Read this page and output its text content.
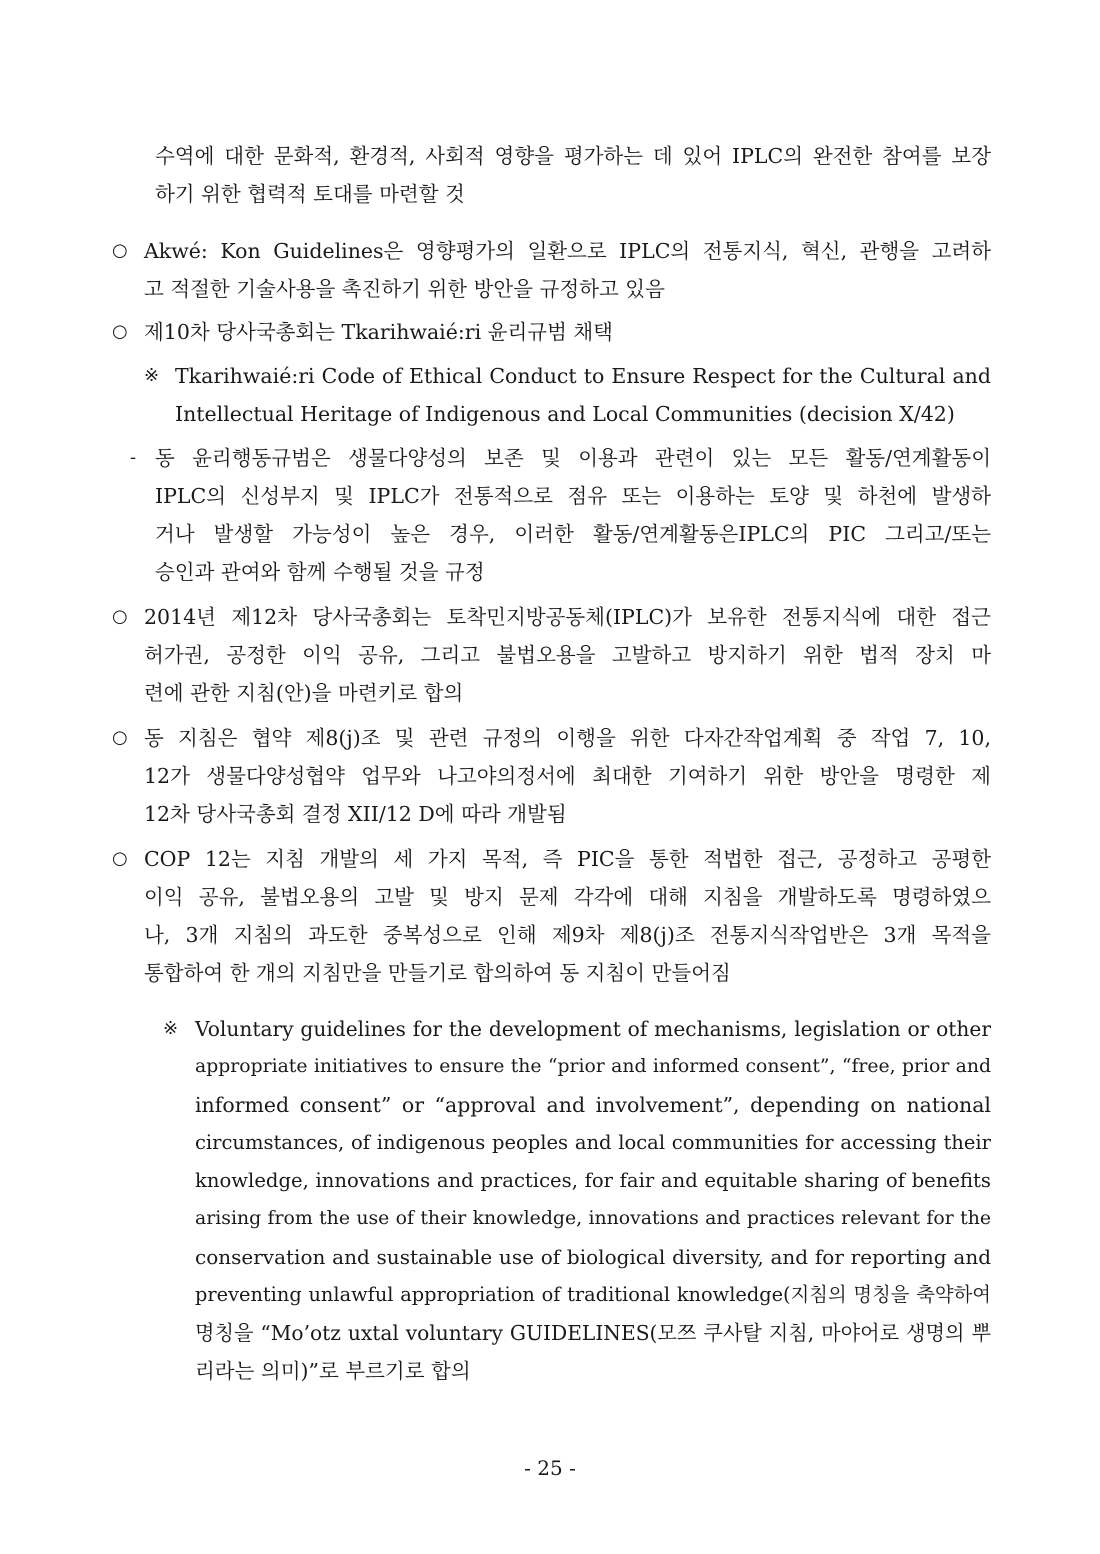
수역에 대한 문화적, 환경적, 사회적 영향을 평가하는 데 있어 IPLC의 완전한 참여를 보장
하기 위한 협력적 토대를 마련할 것
○ Akwé: Kon Guidelines은 영향평가의 일환으로 IPLC의 전통지식, 혁신, 관행을 고려하
고 적절한 기술사용을 촉진하기 위한 방안을 규정하고 있음
○ 제10차 당사국총회는 Tkarihwaié:ri 윤리규범 채택
※ Tkarihwaié:ri Code of Ethical Conduct to Ensure Respect for the Cultural and
Intellectual Heritage of Indigenous and Local Communities (decision X/42)
- 동 윤리행동규범은 생물다양성의 보존 및 이용과 관련이 있는 모든 활동/연계활동이
IPLC의 신성부지 및 IPLC가 전통적으로 점유 또는 이용하는 토양 및 하천에 발생하
거나 발생할 가능성이 높은 경우, 이러한 활동/연계활동은IPLC의 PIC 그리고/또는
승인과 관여와 함께 수행될 것을 규정
○ 2014년 제12차 당사국총회는 토착민지방공동체(IPLC)가 보유한 전통지식에 대한 접근
허가권, 공정한 이익 공유, 그리고 불법오용을 고발하고 방지하기 위한 법적 장치 마
련에 관한 지침(안)을 마련키로 합의
○ 동 지침은 협약 제8(j)조 및 관련 규정의 이행을 위한 다자간작업계획 중 작업 7, 10,
12가 생물다양성협약 업무와 나고야의정서에 최대한 기여하기 위한 방안을 명령한 제
12차 당사국총회 결정 XII/12 D에 따라 개발됨
○ COP 12는 지침 개발의 세 가지 목적, 즉 PIC을 통한 적법한 접근, 공정하고 공평한
이익 공유, 불법오용의 고발 및 방지 문제 각각에 대해 지침을 개발하도록 명령하였으
나, 3개 지침의 과도한 중복성으로 인해 제9차 제8(j)조 전통지식작업반은 3개 목적을
통합하여 한 개의 지침만을 만들기로 합의하여 동 지침이 만들어짐
※ Voluntary guidelines for the development of mechanisms, legislation or other
appropriate initiatives to ensure the “prior and informed consent”, “free, prior and
informed consent” or “approval and involvement”, depending on national
circumstances, of indigenous peoples and local communities for accessing their
knowledge, innovations and practices, for fair and equitable sharing of benefits
arising from the use of their knowledge, innovations and practices relevant for the
conservation and sustainable use of biological diversity, and for reporting and
preventing unlawful appropriation of traditional knowledge(지침의 명칭을 축약하여
명칭을 “Mo’otz uxtal voluntary GUIDELINES(모쯔 쿠사탈 지침, 마야어로 생명의 뿌
리라는 의미)”로 부르기로 합의
- 25 -
